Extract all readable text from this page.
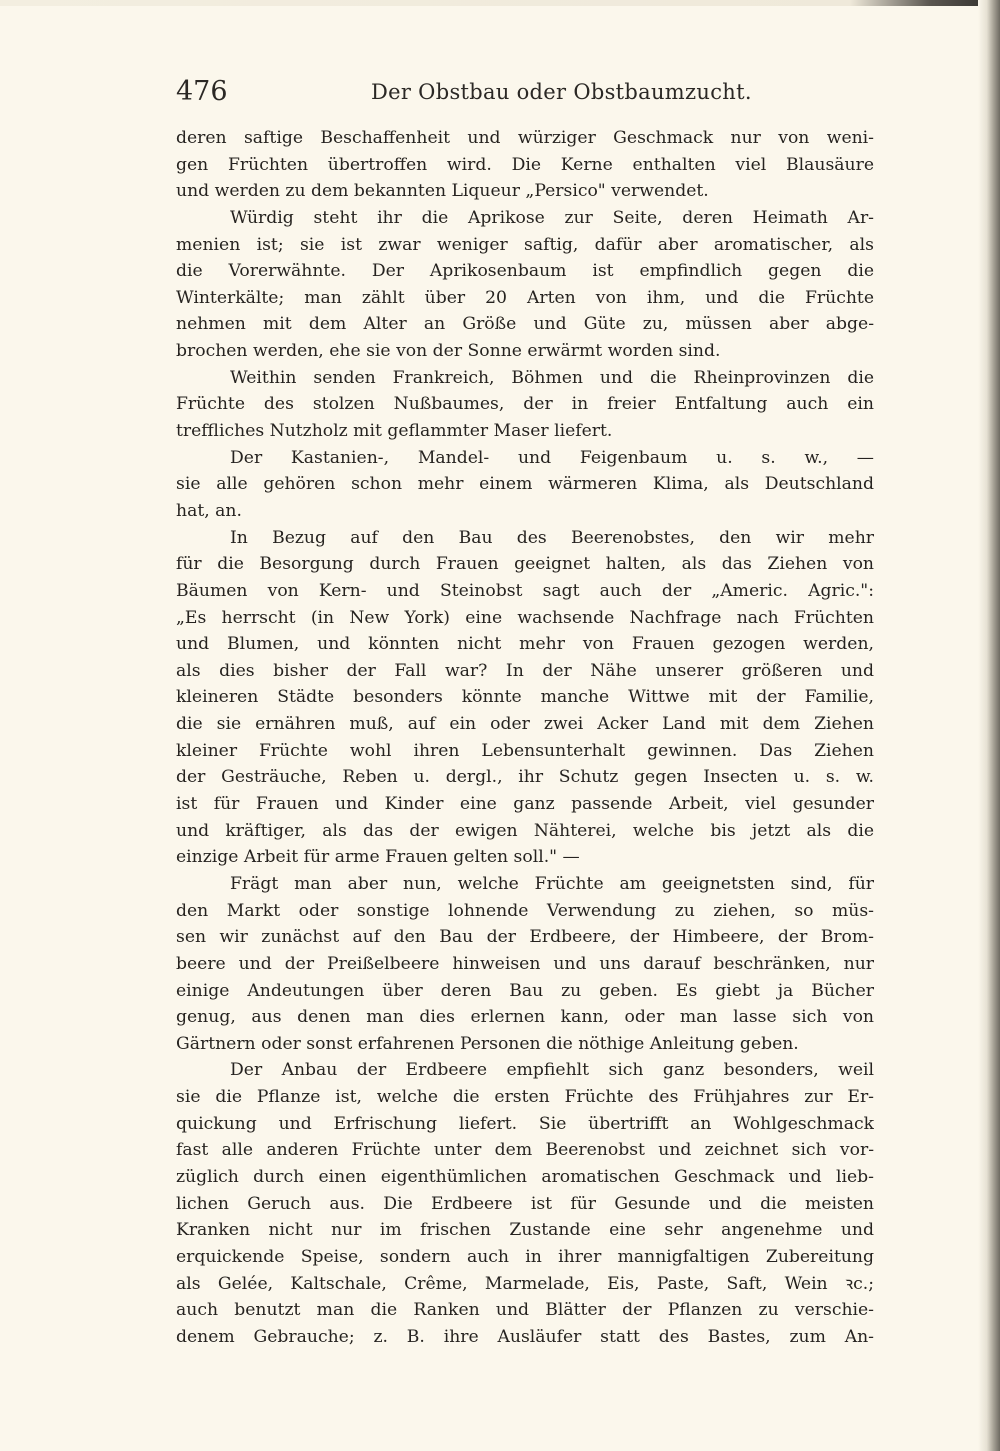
476	Der Obstbau oder Obstbaumzucht.
deren saftige Beschaffenheit und würziger Geschmack nur von weni-
gen Früchten übertroffen wird. Die Kerne enthalten viel Blausäure
und werden zu dem bekannten Liqueur „Persico" verwendet.
Würdig steht ihr die Aprikose zur Seite, deren Heimath Ar-
menien ist; sie ist zwar weniger saftig, dafür aber aromatischer, als
die Vorerwähnte. Der Aprikosenbaum ist empfindlich gegen die
Winterkälte; man zählt über 20 Arten von ihm, und die Früchte
nehmen mit dem Alter an Größe und Güte zu, müssen aber abge-
brochen werden, ehe sie von der Sonne erwärmt worden sind.
Weithin senden Frankreich, Böhmen und die Rheinprovinzen die
Früchte des stolzen Nußbaumes, der in freier Entfaltung auch ein
treffliches Nutzholz mit geflammter Maser liefert.
Der Kastanien-, Mandel- und Feigenbaum u. s. w., —
sie alle gehören schon mehr einem wärmeren Klima, als Deutschland
hat, an.
In Bezug auf den Bau des Beerenobstes, den wir mehr
für die Besorgung durch Frauen geeignet halten, als das Ziehen von
Bäumen von Kern- und Steinobst sagt auch der „Americ. Agric.":
„Es herrscht (in New York) eine wachsende Nachfrage nach Früchten
und Blumen, und könnten nicht mehr von Frauen gezogen werden,
als dies bisher der Fall war? In der Nähe unserer größeren und
kleineren Städte besonders könnte manche Wittwe mit der Familie,
die sie ernähren muß, auf ein oder zwei Acker Land mit dem Ziehen
kleiner Früchte wohl ihren Lebensunterhalt gewinnen. Das Ziehen
der Gesträuche, Reben u. dergl., ihr Schutz gegen Insecten u. s. w.
ist für Frauen und Kinder eine ganz passende Arbeit, viel gesunder
und kräftiger, als das der ewigen Nähterei, welche bis jetzt als die
einzige Arbeit für arme Frauen gelten soll." —
Frägt man aber nun, welche Früchte am geeignetsten sind, für
den Markt oder sonstige lohnende Verwendung zu ziehen, so müs-
sen wir zunächst auf den Bau der Erdbeere, der Himbeere, der Brom-
beere und der Preißelbeere hinweisen und uns darauf beschränken, nur
einige Andeutungen über deren Bau zu geben. Es giebt ja Bücher
genug, aus denen man dies erlernen kann, oder man lasse sich von
Gärtnern oder sonst erfahrenen Personen die nöthige Anleitung geben.
Der Anbau der Erdbeere empfiehlt sich ganz besonders, weil
sie die Pflanze ist, welche die ersten Früchte des Frühjahres zur Er-
quickung und Erfrischung liefert. Sie übertrifft an Wohlgeschmack
fast alle anderen Früchte unter dem Beerenobst und zeichnet sich vor-
züglich durch einen eigenthümlichen aromatischen Geschmack und lieb-
lichen Geruch aus. Die Erdbeere ist für Gesunde und die meisten
Kranken nicht nur im frischen Zustande eine sehr angenehme und
erquickende Speise, sondern auch in ihrer mannigfaltigen Zubereitung
als Gelée, Kaltschale, Crême, Marmelade, Eis, Paste, Saft, Wein ꝛc.;
auch benutzt man die Ranken und Blätter der Pflanzen zu verschie-
denem Gebrauche; z. B. ihre Ausläufer statt des Bastes, zum An-
